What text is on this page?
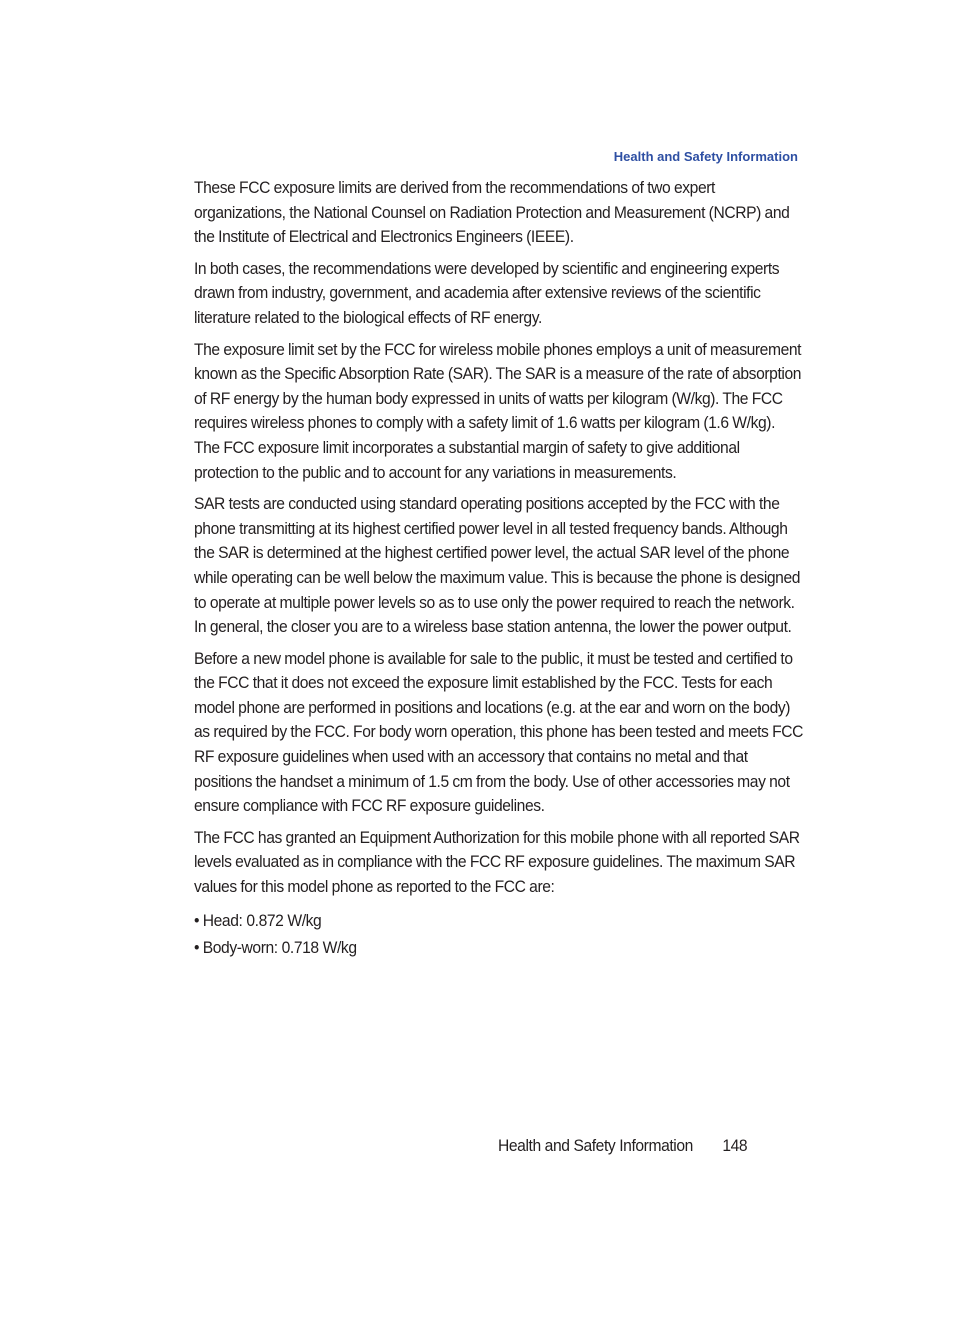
Health and Safety Information

These FCC exposure limits are derived from the recommendations of two expert organizations, the National Counsel on Radiation Protection and Measurement (NCRP) and the Institute of Electrical and Electronics Engineers (IEEE).

In both cases, the recommendations were developed by scientific and engineering experts drawn from industry, government, and academia after extensive reviews of the scientific literature related to the biological effects of RF energy.

The exposure limit set by the FCC for wireless mobile phones employs a unit of measurement known as the Specific Absorption Rate (SAR). The SAR is a measure of the rate of absorption of RF energy by the human body expressed in units of watts per kilogram (W/kg). The FCC requires wireless phones to comply with a safety limit of 1.6 watts per kilogram (1.6 W/kg). The FCC exposure limit incorporates a substantial margin of safety to give additional protection to the public and to account for any variations in measurements.

SAR tests are conducted using standard operating positions accepted by the FCC with the phone transmitting at its highest certified power level in all tested frequency bands. Although the SAR is determined at the highest certified power level, the actual SAR level of the phone while operating can be well below the maximum value. This is because the phone is designed to operate at multiple power levels so as to use only the power required to reach the network. In general, the closer you are to a wireless base station antenna, the lower the power output.

Before a new model phone is available for sale to the public, it must be tested and certified to the FCC that it does not exceed the exposure limit established by the FCC. Tests for each model phone are performed in positions and locations (e.g. at the ear and worn on the body) as required by the FCC. For body worn operation, this phone has been tested and meets FCC RF exposure guidelines when used with an accessory that contains no metal and that positions the handset a minimum of 1.5 cm from the body. Use of other accessories may not ensure compliance with FCC RF exposure guidelines.

The FCC has granted an Equipment Authorization for this mobile phone with all reported SAR levels evaluated as in compliance with the FCC RF exposure guidelines. The maximum SAR values for this model phone as reported to the FCC are:

• Head: 0.872 W/kg
• Body-worn: 0.718 W/kg
Health and Safety Information 148
